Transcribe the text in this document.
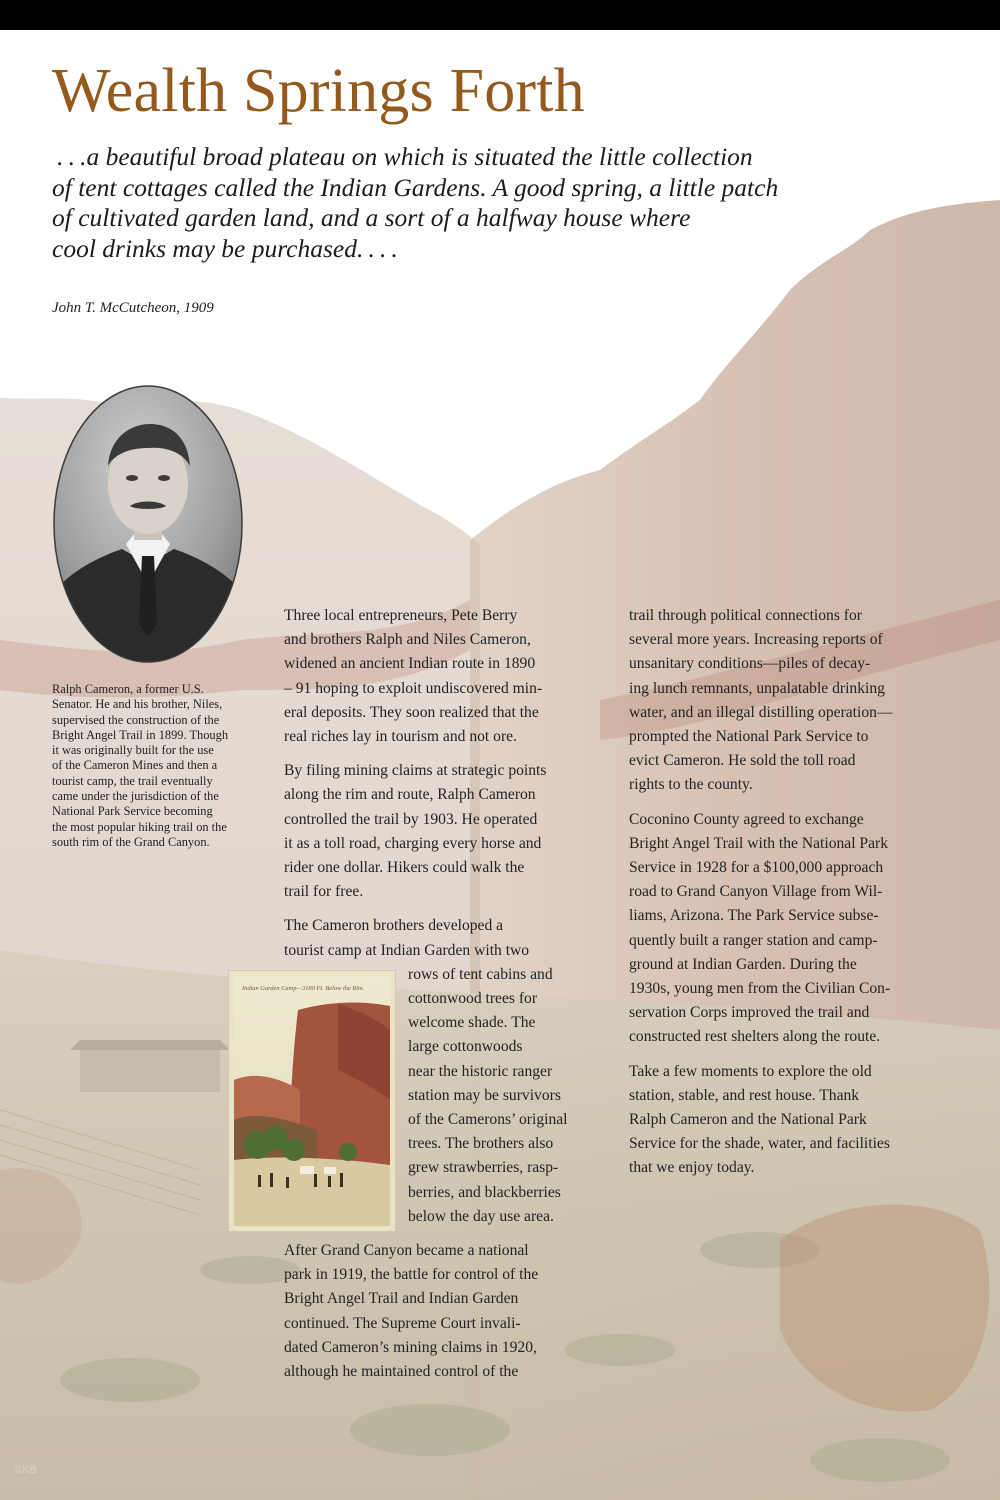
Wealth Springs Forth
 . . .a beautiful broad plateau on which is situated the little collection
of tent cottages called the Indian Gardens. A good spring, a little patch
of cultivated garden land, and a sort of a halfway house where
cool drinks may be purchased. . . .

John T. McCutcheon, 1909

Ralph Cameron, a former U.S.
Senator. He and his brother, Niles,
supervised the construction of the
Bright Angel Trail in 1899. Though
it was originally built for the use
of the Cameron Mines and then a
tourist camp, the trail eventually
came under the jurisdiction of the
National Park Service becoming
the most popular hiking trail on the
south rim of the Grand Canyon.

Three local entrepreneurs, Pete Berry
and brothers Ralph and Niles Cameron,
widened an ancient Indian route in 1890
– 91 hoping to exploit undiscovered min-
eral deposits. They soon realized that the
real riches lay in tourism and not ore.

By filing mining claims at strategic points
along the rim and route, Ralph Cameron
controlled the trail by 1903. He operated
it as a toll road, charging every horse and
rider one dollar. Hikers could walk the
trail for free.

The Cameron brothers developed a
tourist camp at Indian Garden with two
rows of tent cabins and
cottonwood trees for
welcome shade. The
large cottonwoods
near the historic ranger
station may be survivors
of the Camerons’ original
trees. The brothers also
grew strawberries, rasp-
berries, and blackberries
below the day use area.

After Grand Canyon became a national
park in 1919, the battle for control of the
Bright Angel Trail and Indian Garden
continued. The Supreme Court invali-
dated Cameron’s mining claims in 1920,
although he maintained control of the

trail through political connections for
several more years. Increasing reports of
unsanitary conditions—piles of decay-
ing lunch remnants, unpalatable drinking
water, and an illegal distilling operation—
prompted the National Park Service to
evict Cameron. He sold the toll road
rights to the county.

Coconino County agreed to exchange
Bright Angel Trail with the National Park
Service in 1928 for a $100,000 approach
road to Grand Canyon Village from Wil-
liams, Arizona. The Park Service subse-
quently built a ranger station and camp-
ground at Indian Garden. During the
1930s, young men from the Civilian Con-
servation Corps improved the trail and
constructed rest shelters along the route.

Take a few moments to explore the old
station, stable, and rest house. Thank
Ralph Cameron and the National Park
Service for the shade, water, and facilities
that we enjoy today.

Indian Garden Camp—3180 Ft. Below the Rim.

©KB
